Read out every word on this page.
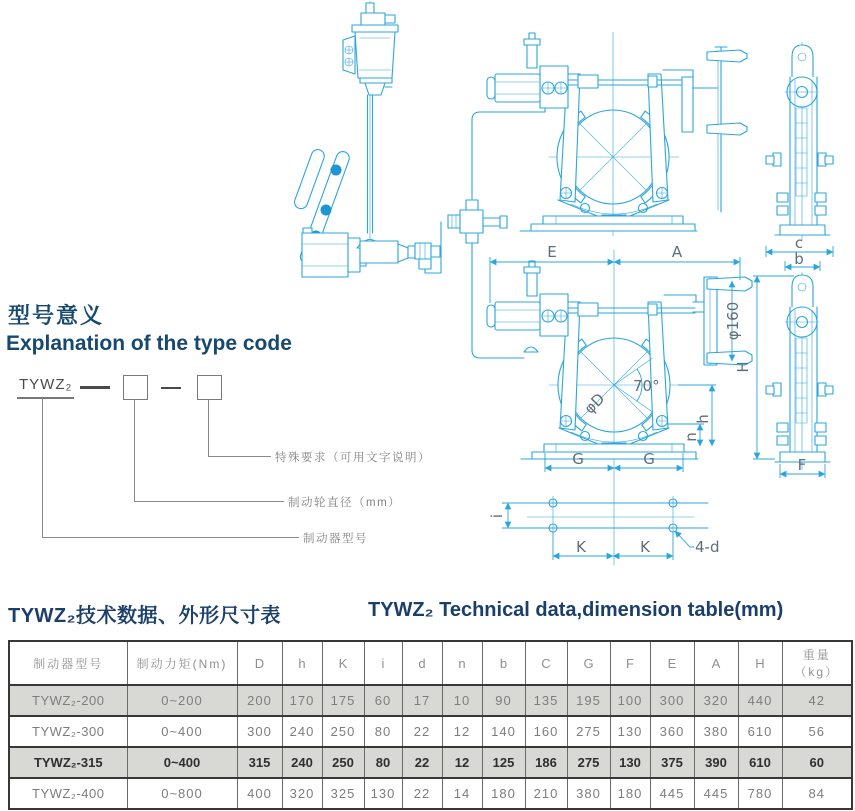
E	A
φ160
70°
φD
n
h
H
G	G
c
b
F
i
K	K	4-d
型号意义
Explanation of the type code
TYWZ₂
特殊要求（可用文字说明）
制动轮直径（mm）
制动器型号
TYWZ₂技术数据、外形尺寸表	TYWZ₂ Technical data,dimension table(mm)
制动器型号	制动力矩(Nm)	D	h	K	i	d	n	b	C	G	F	E	A	H	重量（kg）
TYWZ₂-200	0~200	200	170	175	60	17	10	90	135	195	100	300	320	440	42
TYWZ₂-300	0~400	300	240	250	80	22	12	140	160	275	130	360	380	610	56
TYWZ₂-315	0~400	315	240	250	80	22	12	125	186	275	130	375	390	610	60
TYWZ₂-400	0~800	400	320	325	130	22	14	180	210	380	180	445	445	780	84
